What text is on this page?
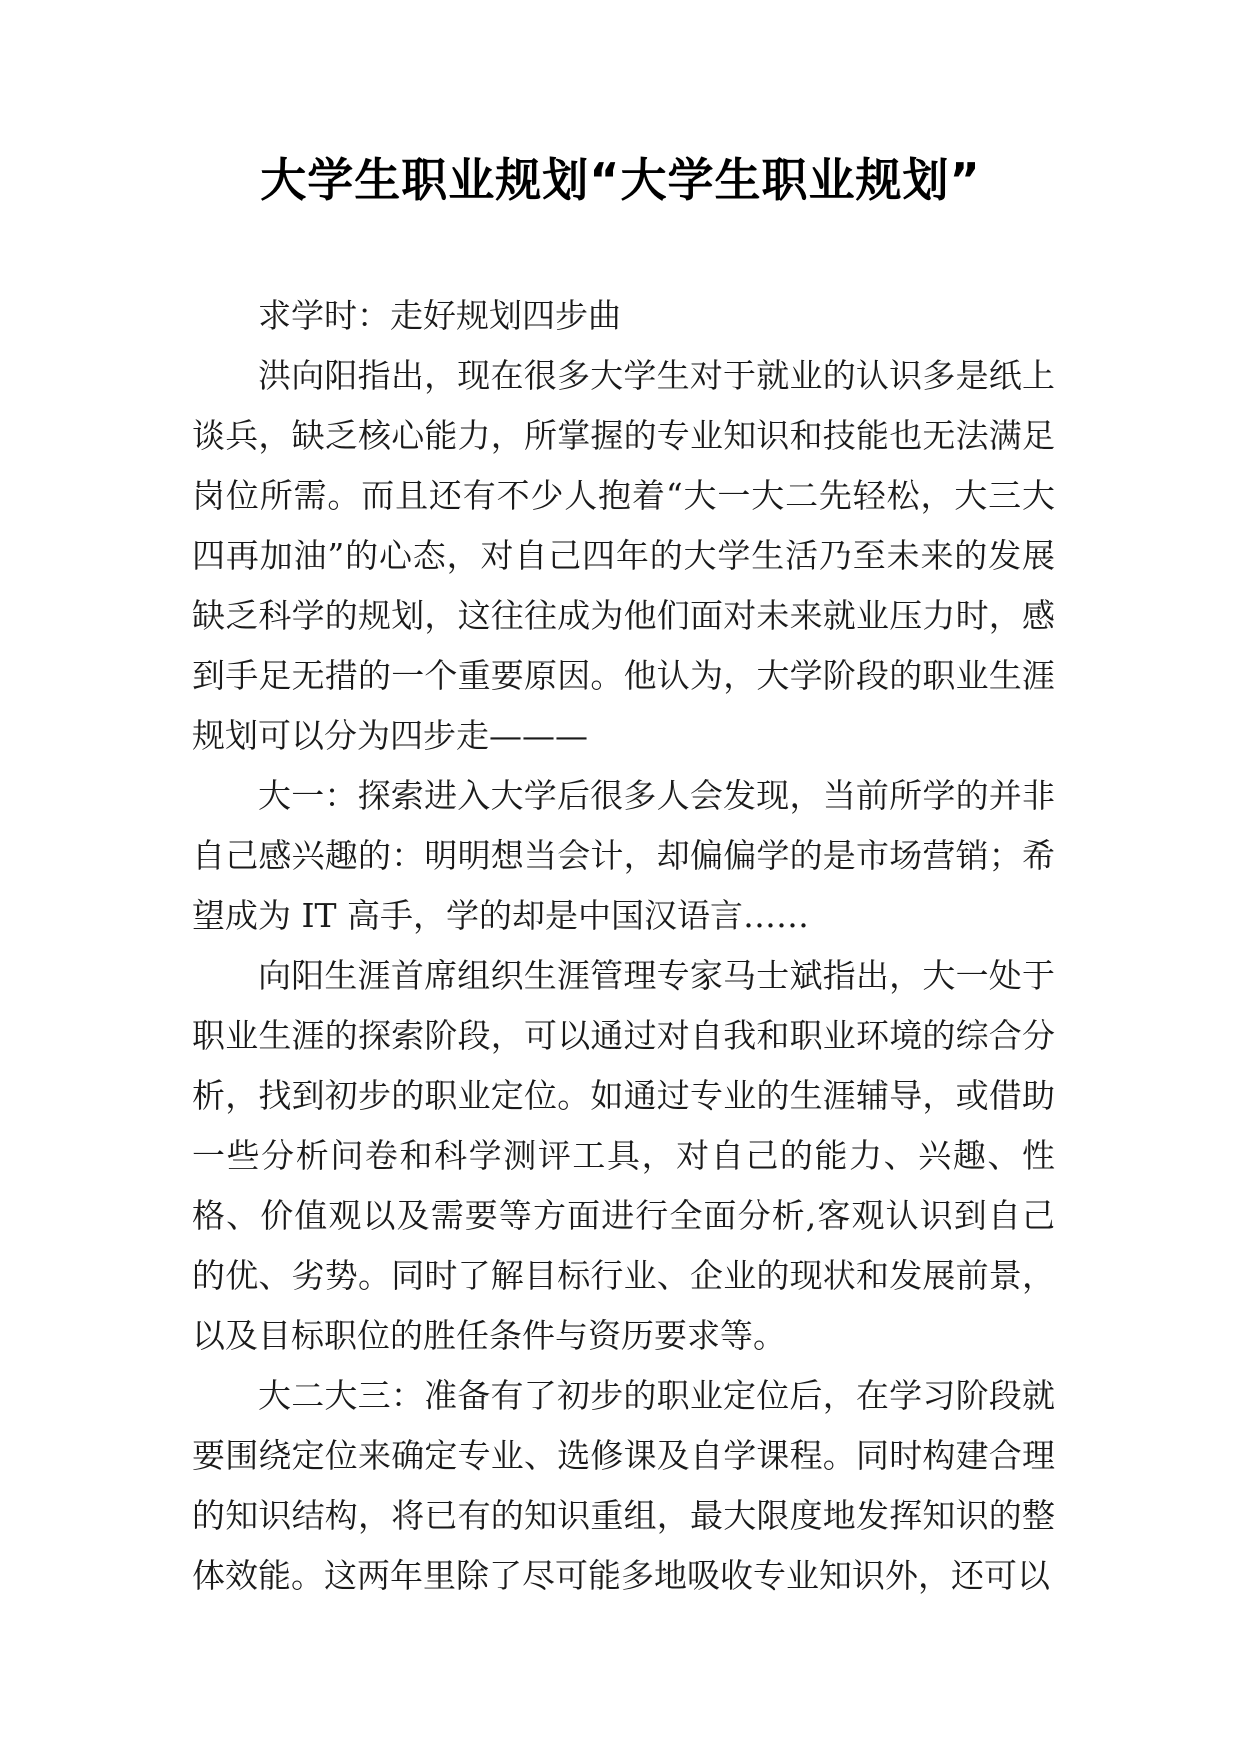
大学生职业规划“大学生职业规划”

求学时：走好规划四步曲

洪向阳指出，现在很多大学生对于就业的认识多是纸上谈兵，缺乏核心能力，所掌握的专业知识和技能也无法满足岗位所需。而且还有不少人抱着“大一大二先轻松，大三大四再加油”的心态，对自己四年的大学生活乃至未来的发展缺乏科学的规划，这往往成为他们面对未来就业压力时，感到手足无措的一个重要原因。他认为，大学阶段的职业生涯规划可以分为四步走———

大一：探索进入大学后很多人会发现，当前所学的并非自己感兴趣的：明明想当会计，却偏偏学的是市场营销；希望成为 IT 高手，学的却是中国汉语言……

向阳生涯首席组织生涯管理专家马士斌指出，大一处于职业生涯的探索阶段，可以通过对自我和职业环境的综合分析，找到初步的职业定位。如通过专业的生涯辅导，或借助一些分析问卷和科学测评工具，对自己的能力、兴趣、性格、价值观以及需要等方面进行全面分析,客观认识到自己的优、劣势。同时了解目标行业、企业的现状和发展前景，以及目标职位的胜任条件与资历要求等。

大二大三：准备有了初步的职业定位后，在学习阶段就要围绕定位来确定专业、选修课及自学课程。同时构建合理的知识结构，将已有的知识重组，最大限度地发挥知识的整体效能。这两年里除了尽可能多地吸收专业知识外，还可以
